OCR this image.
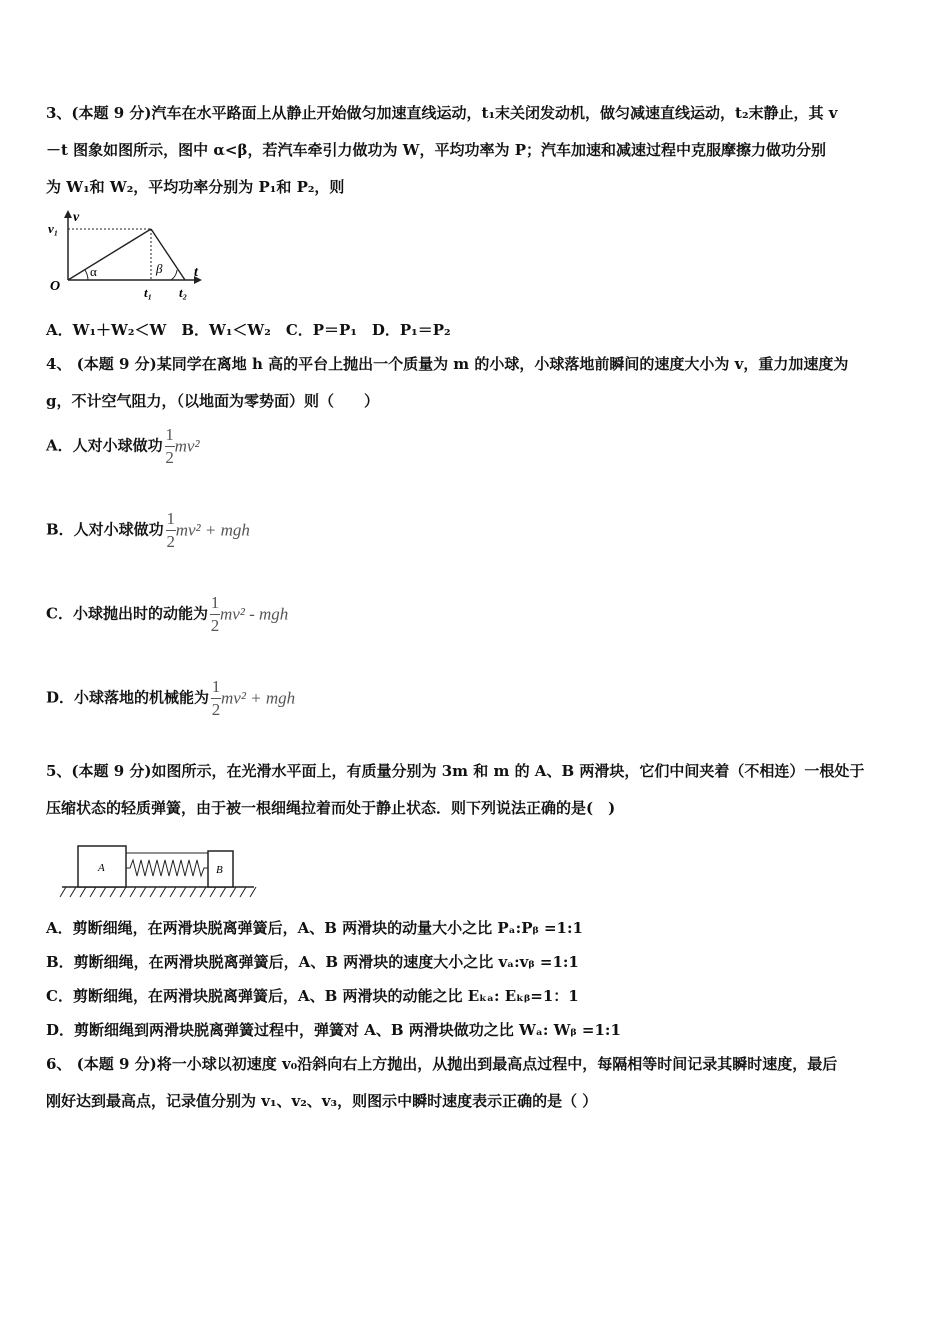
3、(本题 9 分)汽车在水平路面上从静止开始做匀加速直线运动，t₁末关闭发动机，做匀减速直线运动，t₂末静止，其 v
－t 图象如图所示，图中 α<β，若汽车牵引力做功为 W，平均功率为 P；汽车加速和减速过程中克服摩擦力做功分别
为 W₁和 W₂，平均功率分别为 P₁和 P₂，则
v
v₁
O
α	β t
t₁ t₂
A．W₁＋W₂＜W　B．W₁＜W₂　C．P＝P₁　D．P₁＝P₂
4、 (本题 9 分)某同学在离地 h 高的平台上抛出一个质量为 m 的小球，小球落地前瞬间的速度大小为 v，重力加速度为
g，不计空气阻力，（以地面为零势面）则（　　）
A．人对小球做功 $\frac{1}{2} mv^2$
B．人对小球做功 $\frac{1}{2} mv^2$ + mgh
C．小球抛出时的动能为 $\frac{1}{2} mv^2$ - mgh
D．小球落地的机械能为 $\frac{1}{2} mv^2$ + mgh
5、(本题 9 分)如图所示，在光滑水平面上，有质量分别为 3m 和 m 的 A、B 两滑块，它们中间夹着（不相连）一根处于
压缩状态的轻质弹簧，由于被一根细绳拉着而处于静止状态．则下列说法正确的是(　)
A	B
A．剪断细绳，在两滑块脱离弹簧后，A、B 两滑块的动量大小之比 Pₐ:Pᵦ =1:1
B．剪断细绳，在两滑块脱离弹簧后，A、B 两滑块的速度大小之比 vₐ:vᵦ =1:1
C．剪断细绳，在两滑块脱离弹簧后，A、B 两滑块的动能之比 Eₖₐ: Eₖᵦ=1：1
D．剪断细绳到两滑块脱离弹簧过程中，弹簧对 A、B 两滑块做功之比 Wₐ: Wᵦ =1:1
6、 (本题 9 分)将一小球以初速度 v₀沿斜向右上方抛出，从抛出到最高点过程中，每隔相等时间记录其瞬时速度，最后
刚好达到最高点，记录值分别为 v₁、v₂、v₃，则图示中瞬时速度表示正确的是（ ）
